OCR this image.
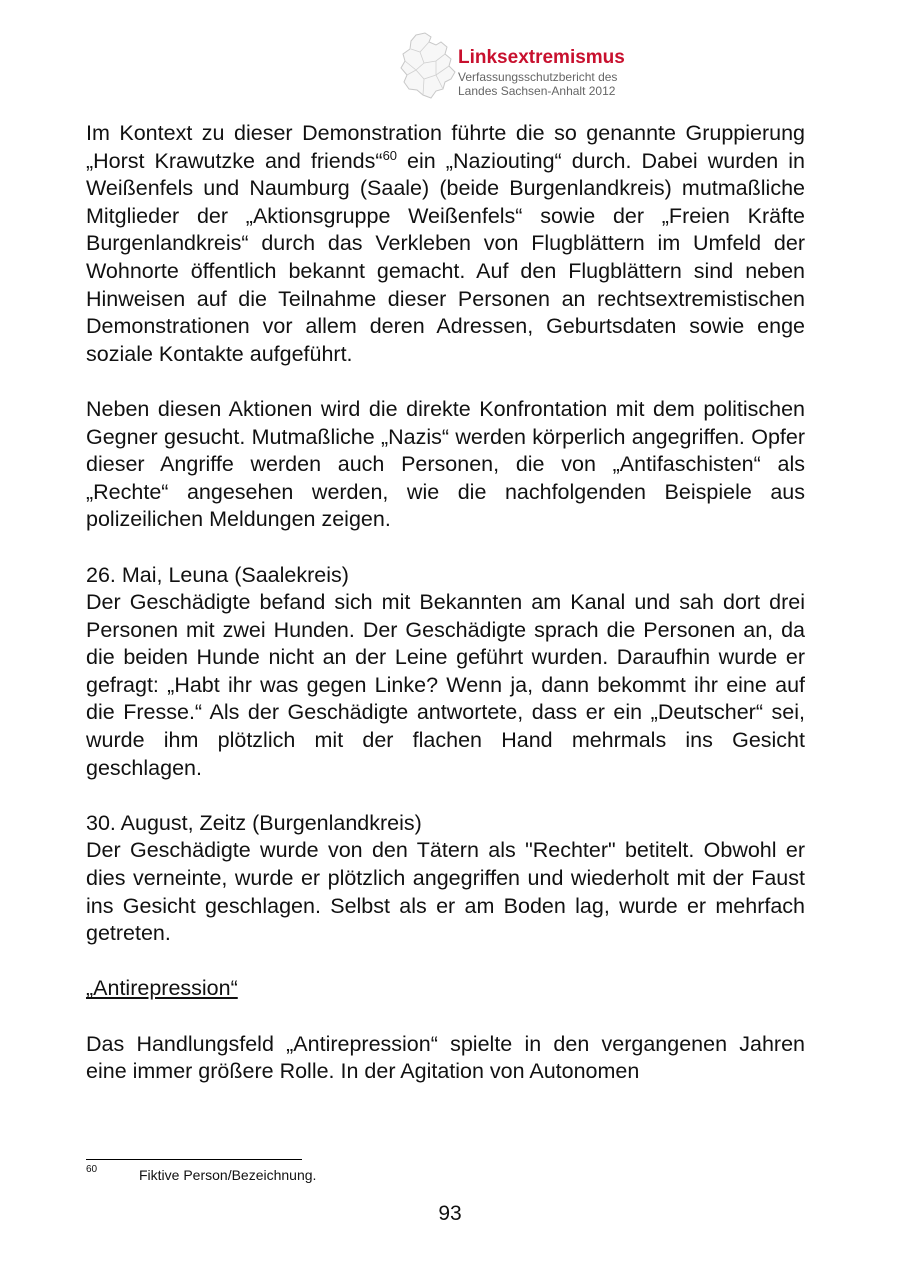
Linksextremismus
Verfassungsschutzbericht des
Landes Sachsen-Anhalt 2012

Im Kontext zu dieser Demonstration führte die so genannte Gruppierung „Horst Krawutzke and friends“$^{60}$ ein „Naziouting“ durch. Dabei wurden in Weißenfels und Naumburg (Saale) (beide Burgenlandkreis) mutmaßliche Mitglieder der „Aktionsgruppe Weißenfels“ sowie der „Freien Kräfte Burgenlandkreis“ durch das Verkleben von Flugblättern im Umfeld der Wohnorte öffentlich bekannt gemacht. Auf den Flugblättern sind neben Hinweisen auf die Teilnahme dieser Personen an rechtsextremistischen Demonstrationen vor allem deren Adressen, Geburtsdaten sowie enge soziale Kontakte aufgeführt.

Neben diesen Aktionen wird die direkte Konfrontation mit dem politischen Gegner gesucht. Mutmaßliche „Nazis“ werden körperlich angegriffen. Opfer dieser Angriffe werden auch Personen, die von „Antifaschisten“ als „Rechte“ angesehen werden, wie die nachfolgenden Beispiele aus polizeilichen Meldungen zeigen.

26. Mai, Leuna (Saalekreis)

Der Geschädigte befand sich mit Bekannten am Kanal und sah dort drei Personen mit zwei Hunden. Der Geschädigte sprach die Personen an, da die beiden Hunde nicht an der Leine geführt wurden. Daraufhin wurde er gefragt: „Habt ihr was gegen Linke? Wenn ja, dann bekommt ihr eine auf die Fresse.“ Als der Geschädigte antwortete, dass er ein „Deutscher“ sei, wurde ihm plötzlich mit der flachen Hand mehrmals ins Gesicht geschlagen.

30. August, Zeitz (Burgenlandkreis)

Der Geschädigte wurde von den Tätern als "Rechter" betitelt. Obwohl er dies verneinte, wurde er plötzlich angegriffen und wiederholt mit der Faust ins Gesicht geschlagen. Selbst als er am Boden lag, wurde er mehrfach getreten.

„Antirepression“

Das Handlungsfeld „Antirepression“ spielte in den vergangenen Jahren eine immer größere Rolle. In der Agitation von Autonomen

60	Fiktive Person/Bezeichnung.
93
